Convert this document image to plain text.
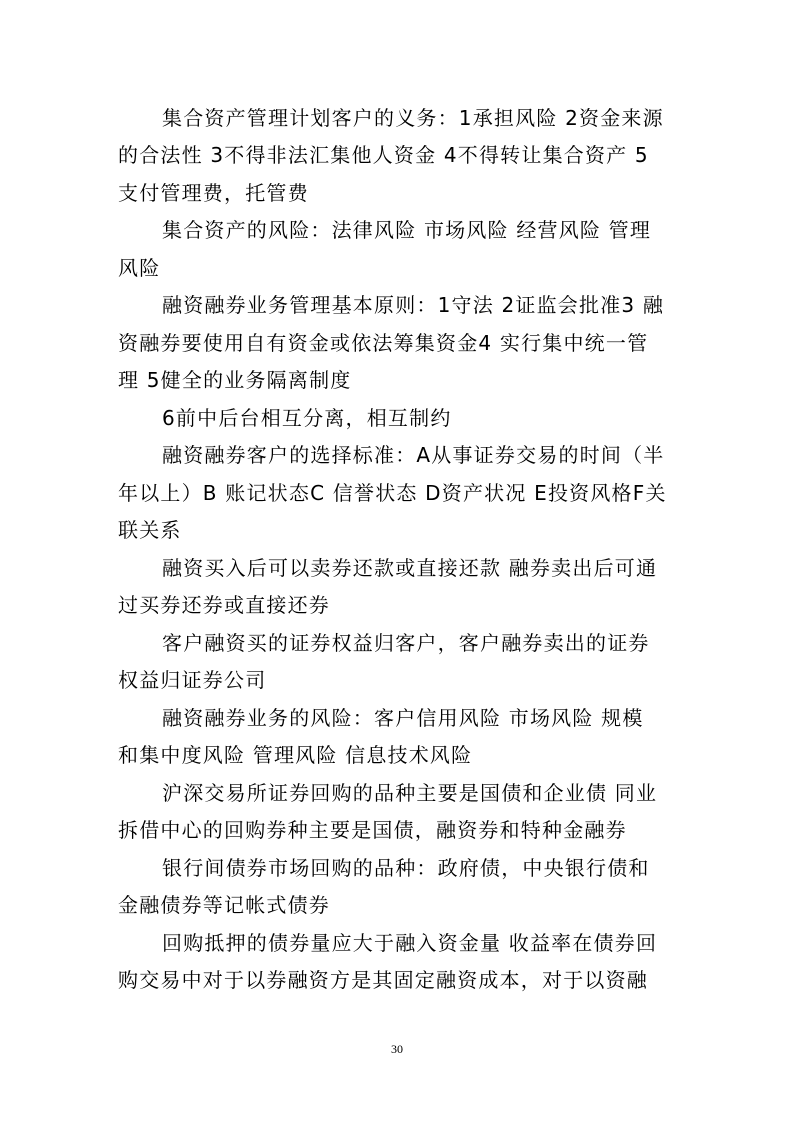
集合资产管理计划客户的义务：1承担风险 2资金来源

的合法性 3不得非法汇集他人资金 4不得转让集合资产 5

支付管理费，托管费

集合资产的风险：法律风险 市场风险 经营风险 管理

风险

融资融券业务管理基本原则：1守法 2证监会批准3 融

资融券要使用自有资金或依法筹集资金4 实行集中统一管

理 5健全的业务隔离制度

6前中后台相互分离，相互制约

融资融券客户的选择标准：A从事证券交易的时间（半

年以上）B 账记状态C 信誉状态 D资产状况 E投资风格F关

联关系

融资买入后可以卖券还款或直接还款 融券卖出后可通

过买券还券或直接还券

客户融资买的证券权益归客户，客户融券卖出的证券

权益归证券公司

融资融券业务的风险：客户信用风险 市场风险 规模

和集中度风险 管理风险 信息技术风险

沪深交易所证券回购的品种主要是国债和企业债 同业

拆借中心的回购券种主要是国债，融资券和特种金融券

银行间债券市场回购的品种：政府债，中央银行债和

金融债券等记帐式债券

回购抵押的债券量应大于融入资金量 收益率在债券回

购交易中对于以券融资方是其固定融资成本，对于以资融

30
